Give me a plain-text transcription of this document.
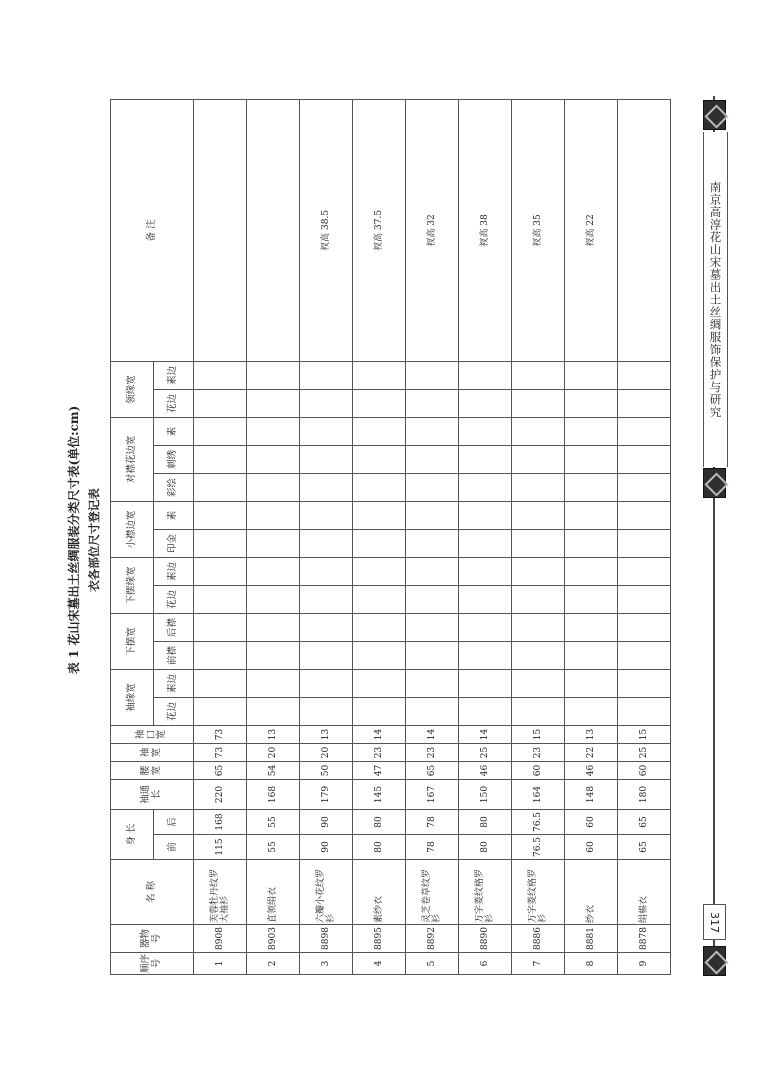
表 1 花山宋墓出土丝绸服装分类尺寸表(单位:cm) 衣各部位尺寸登记表
顺序号	器物号	名 称	身 长		袖通长	腰宽	袖宽	袖口宽	袖缘宽		下摆宽		下摆缘宽		小襟边宽		对襟花边宽			领缘宽		备 注
			前	后					花边	素边	前襟	后襟	花边	素边	印金	素	彩绘	刺绣	素	花边	素边	
1	8908	芙蓉牡丹纹罗大袖衫	115	168	220	65	73	73														
2	8903	直领绢衣	55	55	168	54	20	13														
3	8898	六瓣小花纹罗衫	90	90	179	50	20	13														衩高 38.5
4	8895	素纱衣	80	80	145	47	23	14														衩高 37.5
5	8892	灵芝卷草纹罗衫	78	78	167	65	23	14														衩高 32
6	8890	万字菱纹格罗衫	80	80	150	46	25	14														衩高 38
7	8886	万字菱纹格罗衫	76.5	76.5	164	60	23	15														衩高 35
8	8881	纱衣	60	60	148	46	22	13														衩高 22
9	8878	绢棉衣	65	65	180	60	25	15														
南京高淳花山宋墓出土丝绸服饰保护与研究
317
